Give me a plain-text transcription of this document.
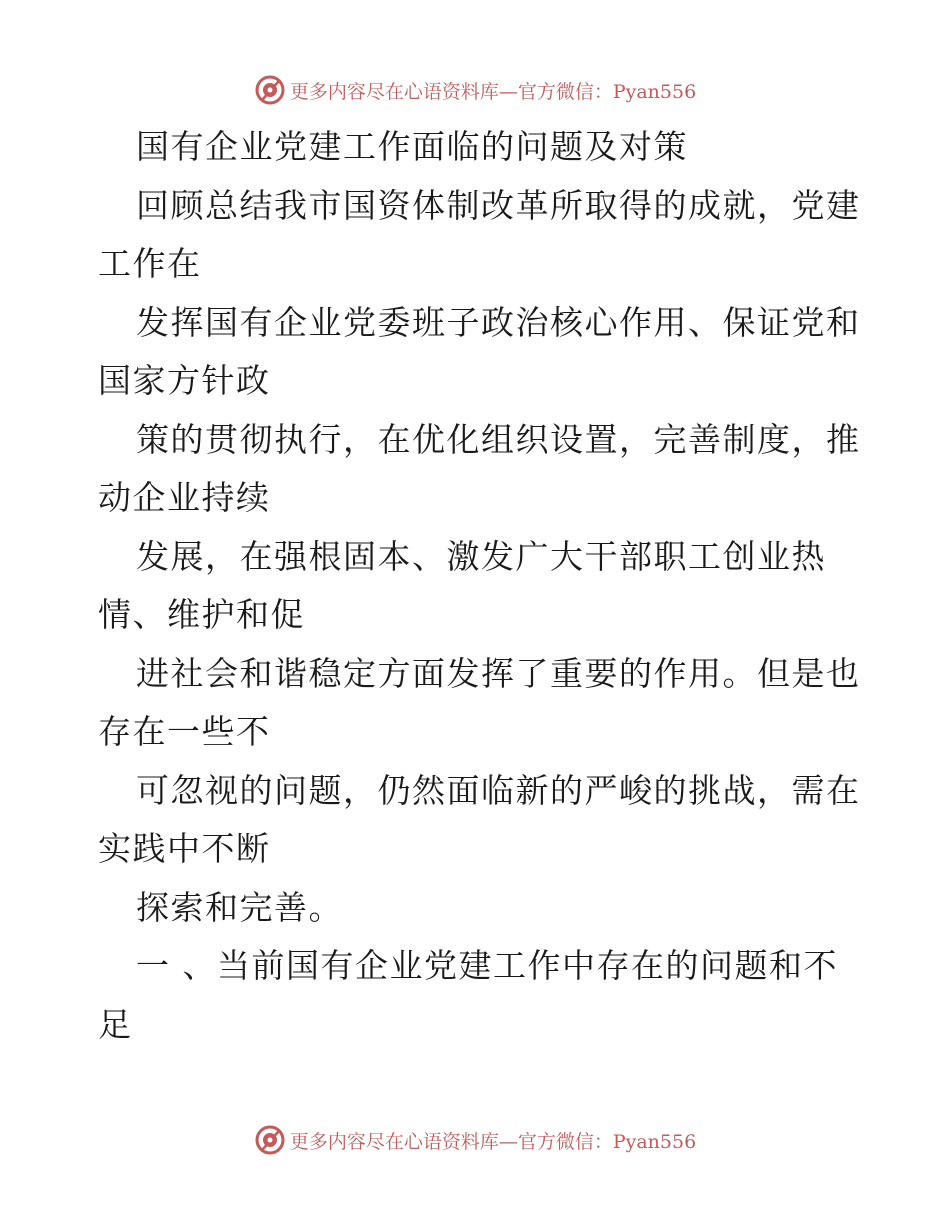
更多内容尽在心语资料库—官方微信：Pyan556
国有企业党建工作面临的问题及对策
回顾总结我市国资体制改革所取得的成就，党建
工作在
发挥国有企业党委班子政治核心作用、保证党和
国家方针政
策的贯彻执行，在优化组织设置，完善制度，推
动企业持续
发展，在强根固本、激发广大干部职工创业热
情、维护和促
进社会和谐稳定方面发挥了重要的作用。但是也
存在一些不
可忽视的问题，仍然面临新的严峻的挑战，需在
实践中不断
探索和完善。
一 、当前国有企业党建工作中存在的问题和不
足
更多内容尽在心语资料库—官方微信：Pyan556
